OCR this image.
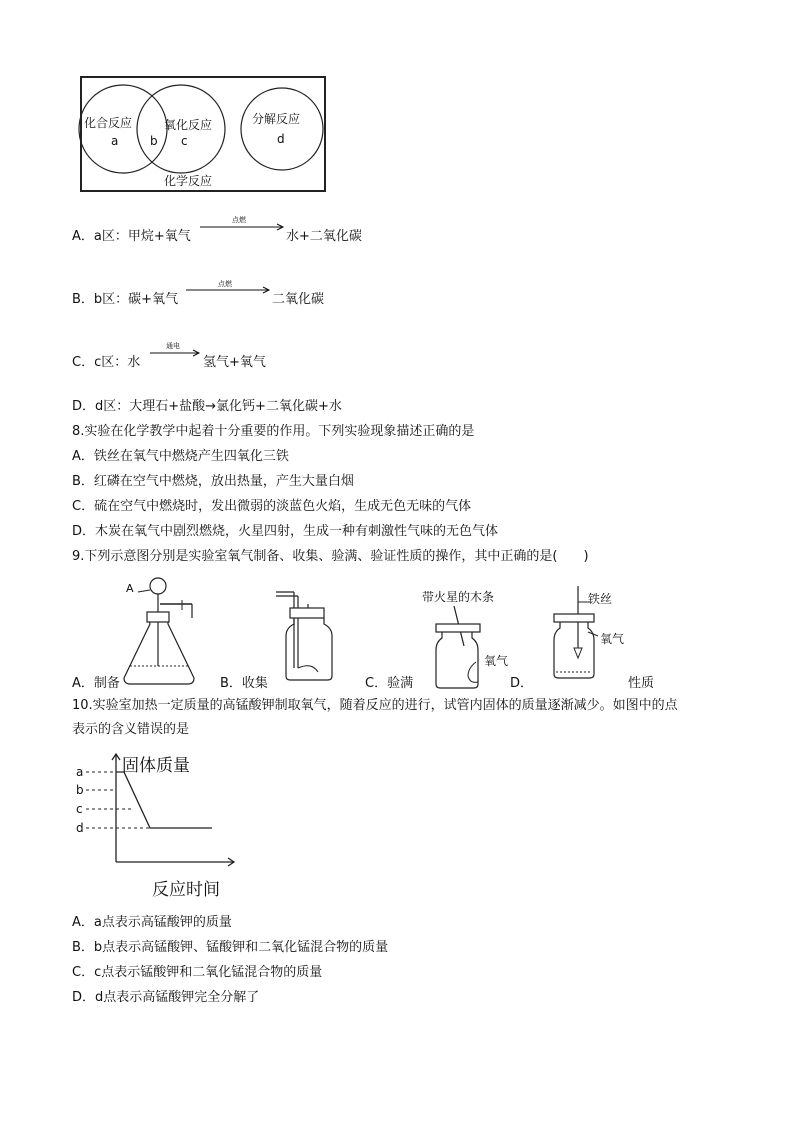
化合反应
a	b
氧化反应
c
分解反应
d
化学反应
A．a区：甲烷+氧气
点燃
水+二氧化碳
B．b区：碳+氧气
点燃
二氧化碳
C．c区：水
通电
氢气+氧气
D．d区：大理石+盐酸→氯化钙+二氧化碳+水
8.实验在化学教学中起着十分重要的作用。下列实验现象描述正确的是
A．铁丝在氧气中燃烧产生四氧化三铁
B．红磷在空气中燃烧，放出热量，产生大量白烟
C．硫在空气中燃烧时，发出微弱的淡蓝色火焰，生成无色无味的气体
D．木炭在氧气中剧烈燃烧，火星四射，生成一种有刺激性气味的无色气体
9.下列示意图分别是实验室氧气制备、收集、验满、验证性质的操作，其中正确的是(　　)
A
带火星的木条
氧气
铁丝
氧气
A．制备	B．收集	C．验满	D．	性质
10.实验室加热一定质量的高锰酸钾制取氧气，随着反应的进行，试管内固体的质量逐渐减少。如图中的点
表示的含义错误的是
固体质量
反应时间
a
b
c
d
A．a点表示高锰酸钾的质量
B．b点表示高锰酸钾、锰酸钾和二氧化锰混合物的质量
C．c点表示锰酸钾和二氧化锰混合物的质量
D．d点表示高锰酸钾完全分解了
